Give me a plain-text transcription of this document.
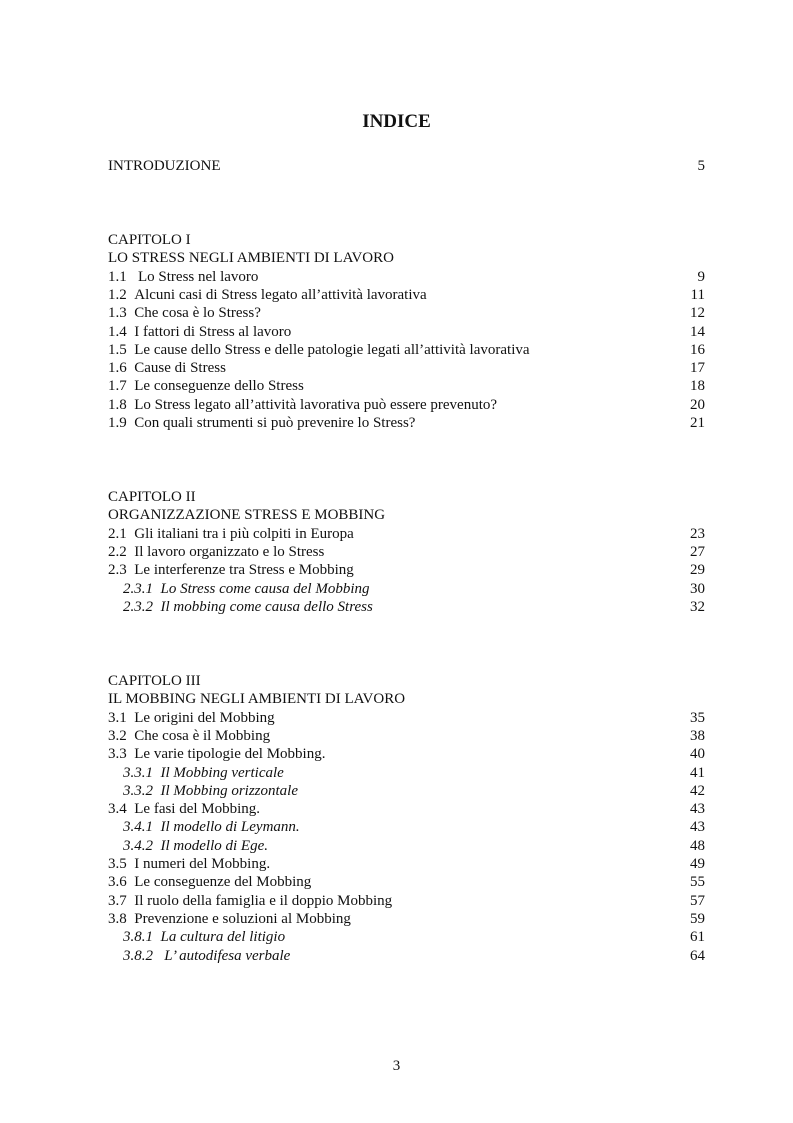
INDICE
INTRODUZIONE	5
CAPITOLO I
LO STRESS NEGLI AMBIENTI DI LAVORO
1.1   Lo Stress nel lavoro	9
1.2 Alcuni casi di Stress legato all’attività lavorativa	11
1.3 Che cosa è lo Stress?	12
1.4 I fattori di Stress al lavoro	14
1.5 Le cause dello Stress e delle patologie legati all’attività lavorativa	16
1.6 Cause di Stress	17
1.7 Le conseguenze dello Stress	18
1.8 Lo Stress legato all’attività lavorativa può essere prevenuto?	20
1.9 Con quali strumenti si può prevenire lo Stress?	21
CAPITOLO II
ORGANIZZAZIONE STRESS E MOBBING
2.1 Gli italiani tra i più colpiti in Europa	23
2.2 Il lavoro organizzato e lo Stress	27
2.3 Le interferenze tra Stress e Mobbing	29
2.3.1 Lo Stress come causa del Mobbing	30
2.3.2 Il mobbing come causa dello Stress	32
CAPITOLO III
IL MOBBING NEGLI AMBIENTI DI LAVORO
3.1 Le origini del Mobbing	35
3.2 Che cosa è il Mobbing	38
3.3 Le varie tipologie del Mobbing.	40
3.3.1 Il Mobbing verticale	41
3.3.2 Il Mobbing orizzontale	42
3.4 Le fasi del Mobbing.	43
3.4.1 Il modello di Leymann.	43
3.4.2 Il modello di Ege.	48
3.5 I numeri del Mobbing.	49
3.6 Le conseguenze del Mobbing	55
3.7 Il ruolo della famiglia e il doppio Mobbing	57
3.8 Prevenzione e soluzioni al Mobbing	59
3.8.1 La cultura del litigio	61
3.8.2   L’ autodifesa verbale	64
3
